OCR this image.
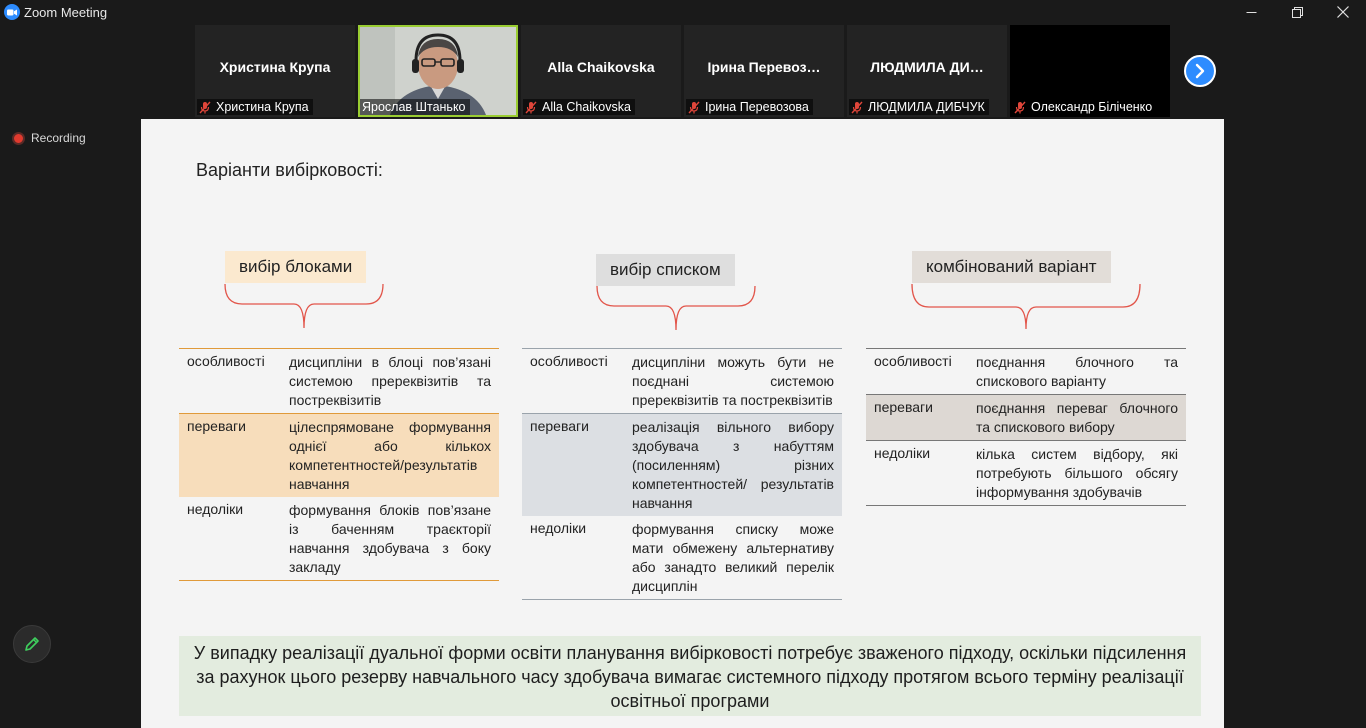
Zoom Meeting
Христина Крупа
Христина Крупа	Ярослав Штанько
Alla Chaikovska
Alla Chaikovska
Ірина Перевоз…
Ірина Перевозова
ЛЮДМИЛА ДИ…
ЛЮДМИЛА ДИБЧУК	Олександр Біліченко
Recording
Варіанти вибірковості:
вибір блоками	вибір списком	комбінований варіант
особливості	дисципліни в блоці пов’язані системою пререквізитів та постреквізитів
переваги	цілеспрямоване формування однієї або кількох компетентностей/результатів навчання
недоліки	формування блоків пов’язане із баченням траєкторії навчання здобувача з боку закладу
особливості	дисципліни можуть бути не поєднані системою пререквізитів та постреквізитів
переваги	реалізація вільного вибору здобувача з набуттям (посиленням) різних компетентностей/ результатів навчання
недоліки	формування списку може мати обмежену альтернативу або занадто великий перелік дисциплін
особливості	поєднання блочного та спискового варіанту
переваги	поєднання переваг блочного та спискового вибору
недоліки	кілька систем відбору, які потребують більшого обсягу інформування здобувачів
У випадку реалізації дуальної форми освіти планування вибірковості потребує зваженого підходу, оскільки підсилення за рахунок цього резерву навчального часу здобувача вимагає системного підходу протягом всього терміну реалізації освітньої програми
